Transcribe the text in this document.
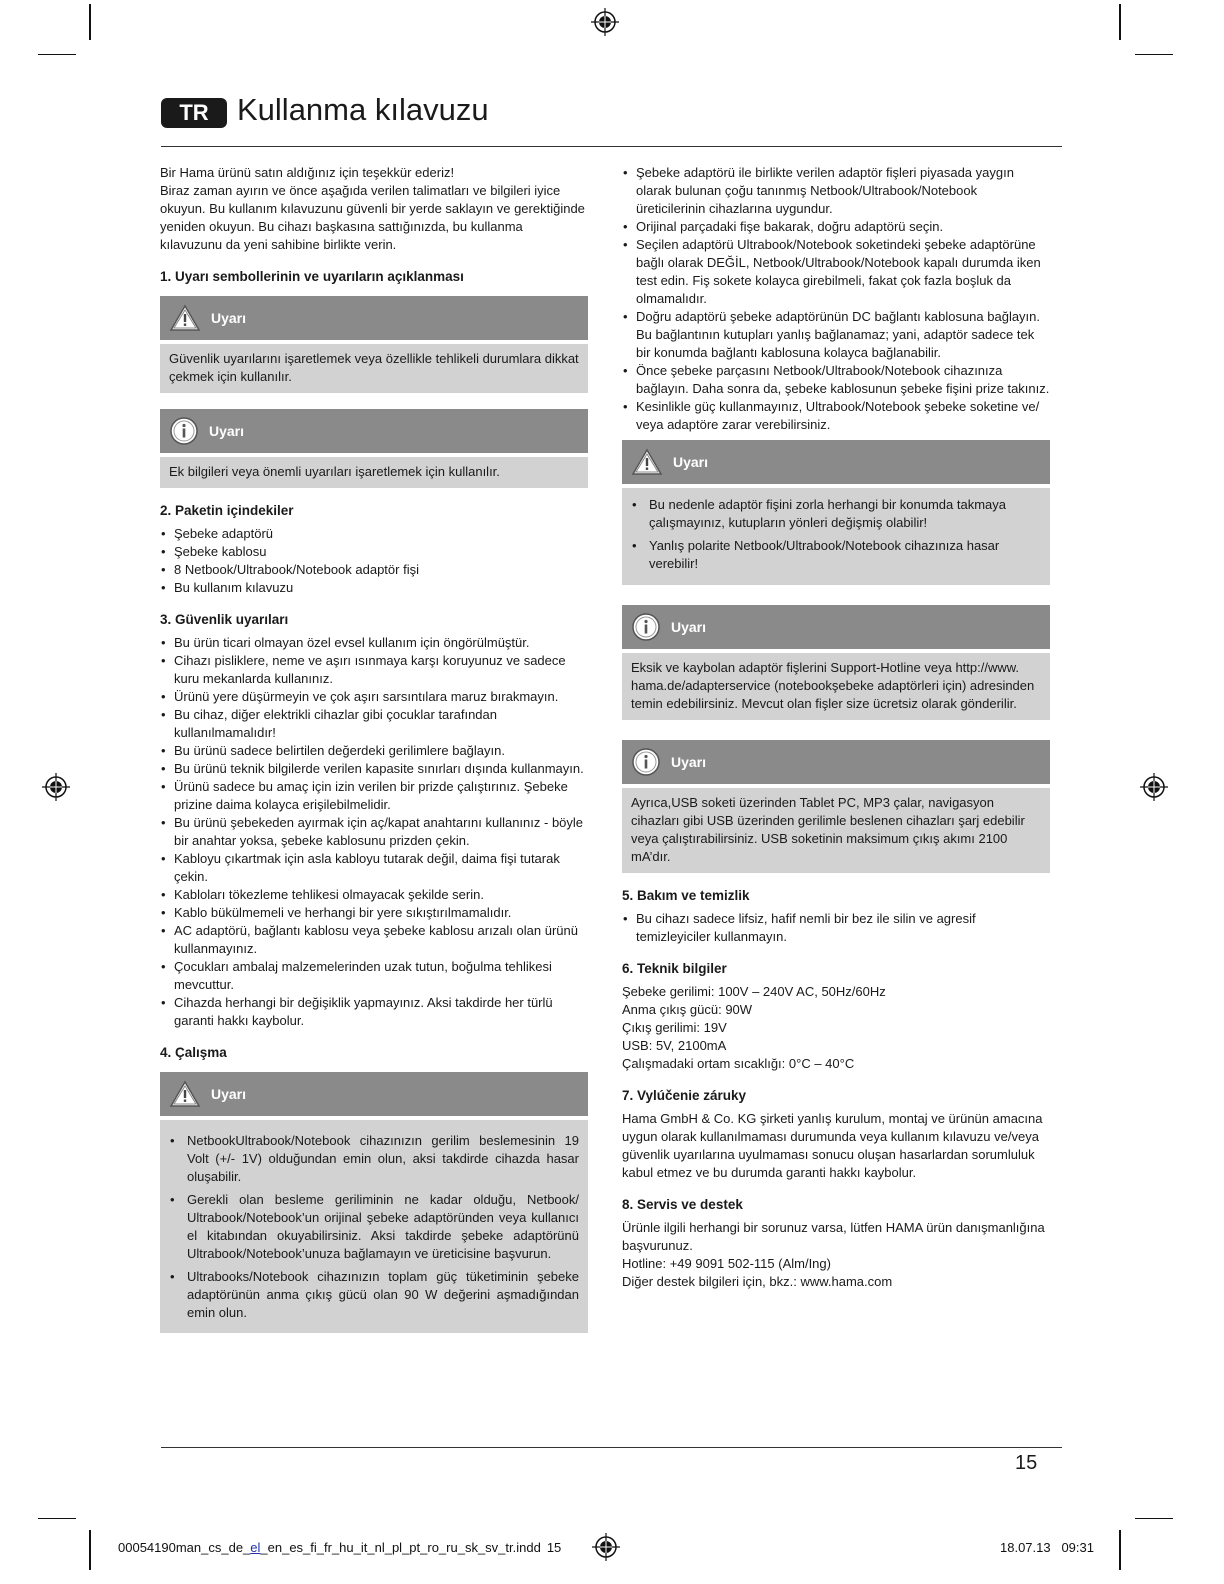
TR Kullanma kılavuzu

Bir Hama ürünü satın aldığınız için teşekkür ederiz!

Biraz zaman ayırın ve önce aşağıda verilen talimatları ve bilgileri iyice okuyun. Bu kullanım kılavuzunu güvenli bir yerde saklayın ve gerektiğinde yeniden okuyun. Bu cihazı başkasına sattığınızda, bu kullanma kılavuzunu da yeni sahibine birlikte verin.

1. Uyarı sembollerinin ve uyarıların açıklanması
Uyarı
Güvenlik uyarılarını işaretlemek veya özellikle tehlikeli durumlara dikkat çekmek için kullanılır.
Uyarı
Ek bilgileri veya önemli uyarıları işaretlemek için kullanılır.
2. Paketin içindekiler
• Şebeke adaptörü
• Şebeke kablosu
• 8 Netbook/Ultrabook/Notebook adaptör fişi
• Bu kullanım kılavuzu
3. Güvenlik uyarıları
• Bu ürün ticari olmayan özel evsel kullanım için öngörülmüştür.
• Cihazı pisliklere, neme ve aşırı ısınmaya karşı koruyunuz ve sadece kuru mekanlarda kullanınız.
• Ürünü yere düşürmeyin ve çok aşırı sarsıntılara maruz bırakmayın.
• Bu cihaz, diğer elektrikli cihazlar gibi çocuklar tarafından kullanılmamalıdır!
• Bu ürünü sadece belirtilen değerdeki gerilimlere bağlayın.
• Bu ürünü teknik bilgilerde verilen kapasite sınırları dışında kullanmayın.
• Ürünü sadece bu amaç için izin verilen bir prizde çalıştırınız. Şebeke prizine daima kolayca erişilebilmelidir.
• Bu ürünü şebekeden ayırmak için aç/kapat anahtarını kullanınız - böyle bir anahtar yoksa, şebeke kablosunu prizden çekin.
• Kabloyu çıkartmak için asla kabloyu tutarak değil, daima fişi tutarak çekin.
• Kabloları tökezleme tehlikesi olmayacak şekilde serin.
• Kablo bükülmemeli ve herhangi bir yere sıkıştırılmamalıdır.
• AC adaptörü, bağlantı kablosu veya şebeke kablosu arızalı olan ürünü kullanmayınız.
• Çocukları ambalaj malzemelerinden uzak tutun, boğulma tehlikesi mevcuttur.
• Cihazda herhangi bir değişiklik yapmayınız. Aksi takdirde her türlü garanti hakkı kaybolur.
4. Çalışma
Uyarı
• NetbookUltrabook/Notebook cihazınızın gerilim beslemesinin 19 Volt (+/- 1V) olduğundan emin olun, aksi takdirde cihazda hasar oluşabilir.
• Gerekli olan besleme geriliminin ne kadar olduğu, Netbook/ Ultrabook/Notebook’un orijinal şebeke adaptöründen veya kullanıcı el kitabından okuyabilirsiniz. Aksi takdirde şebeke adaptörünü Ultrabook/Notebook’unuza bağlamayın ve üreticisine başvurun.
• Ultrabooks/Notebook cihazınızın toplam güç tüketiminin şebeke adaptörünün anma çıkış gücü olan 90 W değerini aşmadığından emin olun.
• Şebeke adaptörü ile birlikte verilen adaptör fişleri piyasada yaygın olarak bulunan çoğu tanınmış Netbook/Ultrabook/Notebook üreticilerinin cihazlarına uygundur.
• Orijinal parçadaki fişe bakarak, doğru adaptörü seçin.
• Seçilen adaptörü Ultrabook/Notebook soketindeki şebeke adaptörüne bağlı olarak DEĞİL, Netbook/Ultrabook/Notebook kapalı durumda iken test edin. Fiş sokete kolayca girebilmeli, fakat çok fazla boşluk da olmamalıdır.
• Doğru adaptörü şebeke adaptörünün DC bağlantı kablosuna bağlayın. Bu bağlantının kutupları yanlış bağlanamaz; yani, adaptör sadece tek bir konumda bağlantı kablosuna kolayca bağlanabilir.
• Önce şebeke parçasını Netbook/Ultrabook/Notebook cihazınıza bağlayın. Daha sonra da, şebeke kablosunun şebeke fişini prize takınız.
• Kesinlikle güç kullanmayınız, Ultrabook/Notebook şebeke soketine ve/ veya adaptöre zarar verebilirsiniz.
Uyarı
• Bu nedenle adaptör fişini zorla herhangi bir konumda takmaya çalışmayınız, kutupların yönleri değişmiş olabilir!
• Yanlış polarite Netbook/Ultrabook/Notebook cihazınıza hasar verebilir!
Uyarı
Eksik ve kaybolan adaptör fişlerini Support-Hotline veya http://www. hama.de/adapterservice (notebookşebeke adaptörleri için) adresinden temin edebilirsiniz. Mevcut olan fişler size ücretsiz olarak gönderilir.
Uyarı
Ayrıca,USB soketi üzerinden Tablet PC, MP3 çalar, navigasyon cihazları gibi USB üzerinden gerilimle beslenen cihazları şarj edebilir veya çalıştırabilirsiniz. USB soketinin maksimum çıkış akımı 2100 mA’dır.
5. Bakım ve temizlik
• Bu cihazı sadece lifsiz, hafif nemli bir bez ile silin ve agresif temizleyiciler kullanmayın.
6. Teknik bilgiler

Şebeke gerilimi: 100V – 240V AC, 50Hz/60Hz

Anma çıkış gücü: 90W

Çıkış gerilimi: 19V

USB: 5V, 2100mA

Çalışmadaki ortam sıcaklığı: 0°C – 40°C

7. Vylúčenie záruky

Hama GmbH & Co. KG şirketi yanlış kurulum, montaj ve ürünün amacına uygun olarak kullanılmaması durumunda veya kullanım kılavuzu ve/veya güvenlik uyarılarına uyulmaması sonucu oluşan hasarlardan sorumluluk kabul etmez ve bu durumda garanti hakkı kaybolur.

8. Servis ve destek

Ürünle ilgili herhangi bir sorunuz varsa, lütfen HAMA ürün danışmanlığına başvurunuz.

Hotline: +49 9091 502-115 (Alm/Ing)

Diğer destek bilgileri için, bkz.: www.hama.com

15
00054190man_cs_de_el_en_es_fi_fr_hu_it_nl_pl_pt_ro_ru_sk_sv_tr.indd 15	18.07.13   09:31
